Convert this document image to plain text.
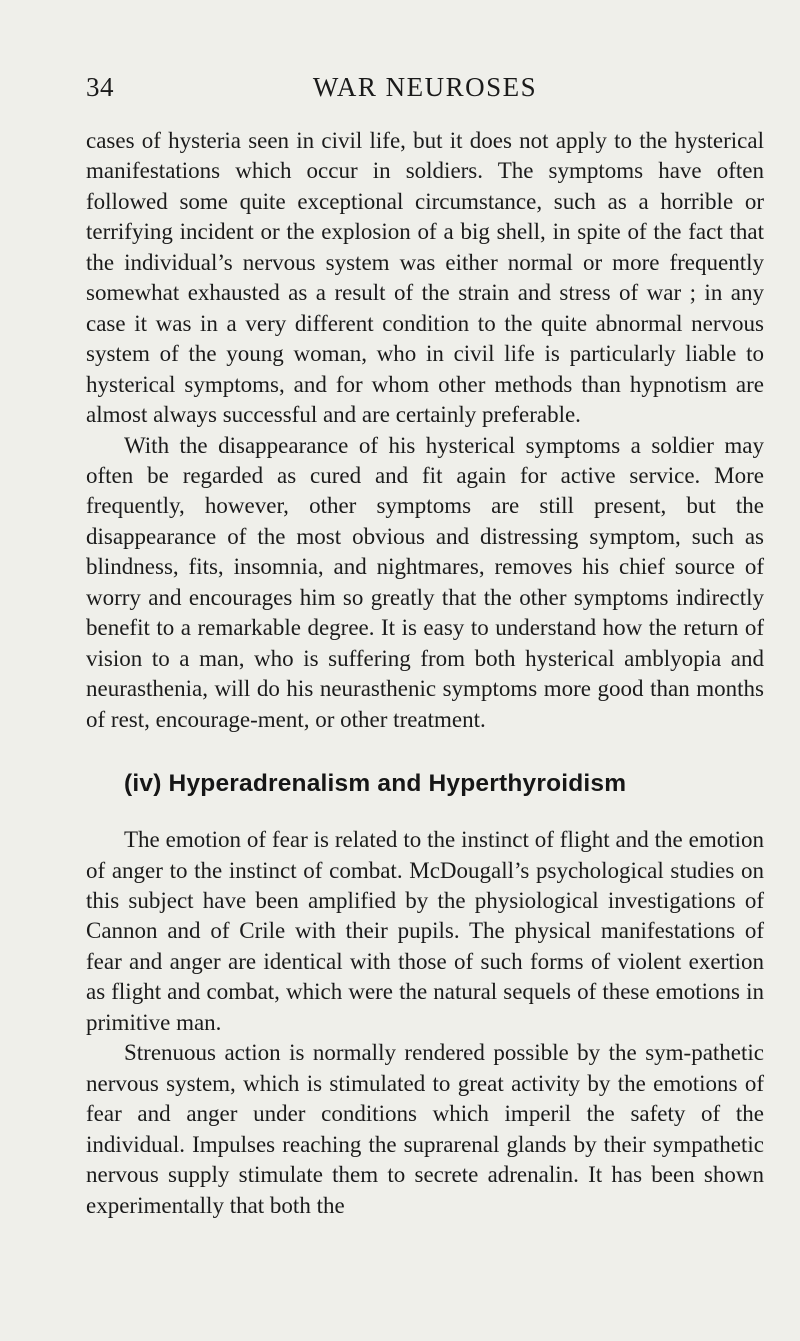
34	WAR NEUROSES

cases of hysteria seen in civil life, but it does not apply to the hysterical manifestations which occur in soldiers. The symptoms have often followed some quite exceptional circumstance, such as a horrible or terrifying incident or the explosion of a big shell, in spite of the fact that the individual’s nervous system was either normal or more frequently somewhat exhausted as a result of the strain and stress of war ; in any case it was in a very different condition to the quite abnormal nervous system of the young woman, who in civil life is particularly liable to hysterical symptoms, and for whom other methods than hypnotism are almost always successful and are certainly preferable.

With the disappearance of his hysterical symptoms a soldier may often be regarded as cured and fit again for active service. More frequently, however, other symptoms are still present, but the disappearance of the most obvious and distressing symptom, such as blindness, fits, insomnia, and nightmares, removes his chief source of worry and encourages him so greatly that the other symptoms indirectly benefit to a remarkable degree. It is easy to understand how the return of vision to a man, who is suffering from both hysterical amblyopia and neurasthenia, will do his neurasthenic symptoms more good than months of rest, encourage-ment, or other treatment.

(iv) Hyperadrenalism and Hyperthyroidism

The emotion of fear is related to the instinct of flight and the emotion of anger to the instinct of combat. McDougall’s psychological studies on this subject have been amplified by the physiological investigations of Cannon and of Crile with their pupils. The physical manifestations of fear and anger are identical with those of such forms of violent exertion as flight and combat, which were the natural sequels of these emotions in primitive man.

Strenuous action is normally rendered possible by the sym-pathetic nervous system, which is stimulated to great activity by the emotions of fear and anger under conditions which imperil the safety of the individual. Impulses reaching the suprarenal glands by their sympathetic nervous supply stimulate them to secrete adrenalin. It has been shown experimentally that both the
